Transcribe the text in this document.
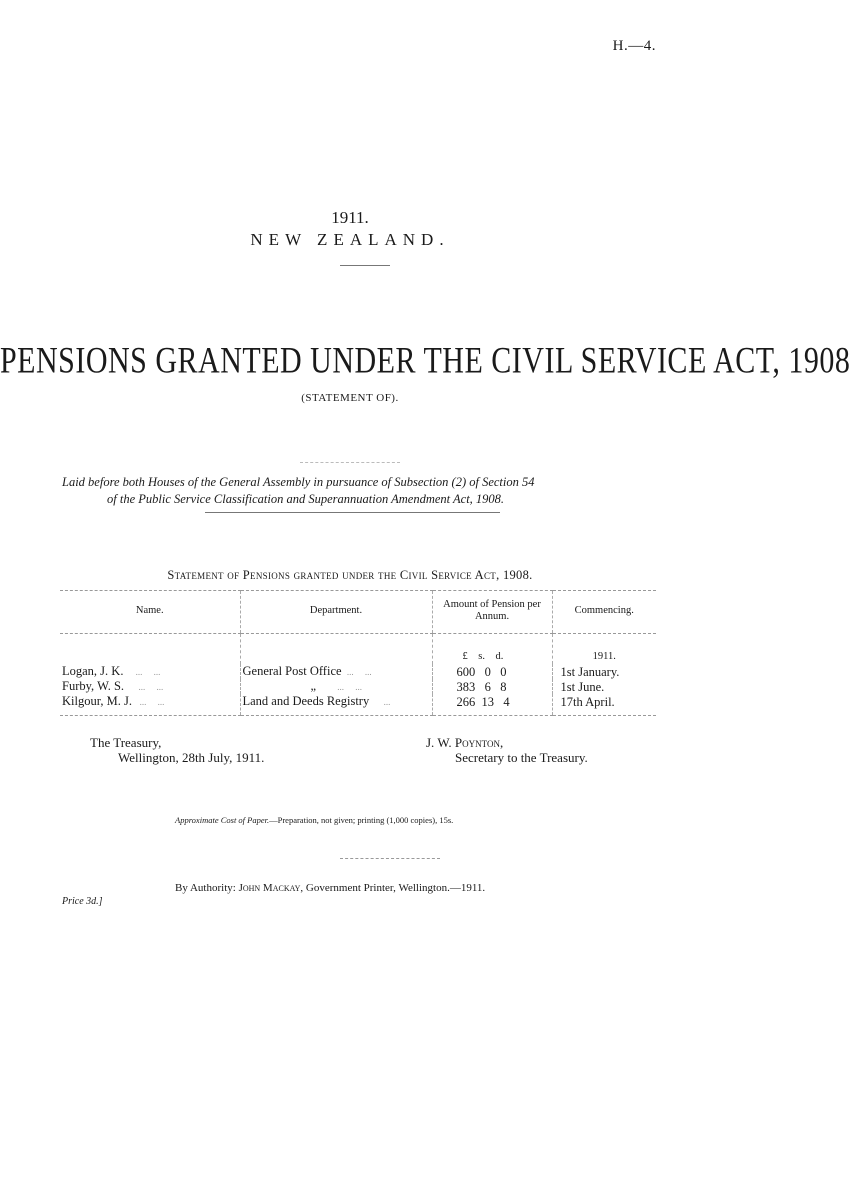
H.—4.
1911.
NEW ZEALAND.
PENSIONS GRANTED UNDER THE CIVIL SERVICE ACT, 1908
(STATEMENT OF).
Laid before both Houses of the General Assembly in pursuance of Subsection (2) of Section 54
of the Public Service Classification and Superannuation Amendment Act, 1908.
Statement of Pensions granted under the Civil Service Act, 1908.
Name.	Department.	Amount of Pension per Annum.	Commencing.
		£ s. d.	1911.
Logan, J. K.     ...     ...	General Post Office  ...     ...	600 0 0	1st January.
Furby, W. S.      ...     ...	„         ...     ...	383 6 8	1st June.
Kilgour, M. J.   ...     ...	Land and Deeds Registry      ...	266 13 4	17th April.
The Treasury,
Wellington, 28th July, 1911.
J. W. Poynton,
Secretary to the Treasury.
Approximate Cost of Paper.—Preparation, not given; printing (1,000 copies), 15s.
By Authority: John Mackay, Government Printer, Wellington.—1911.
Price 3d.]
